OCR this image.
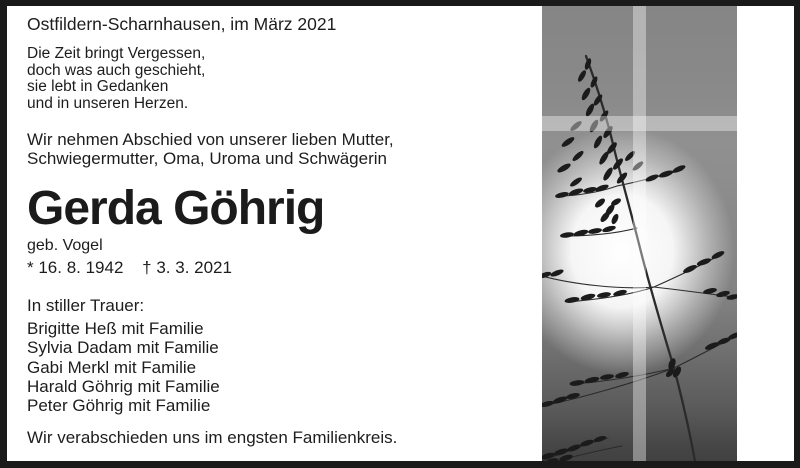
Ostfildern-Scharnhausen, im März 2021
Die Zeit bringt Vergessen,
doch was auch geschieht,
sie lebt in Gedanken
und in unseren Herzen.
Wir nehmen Abschied von unserer lieben Mutter,
Schwiegermutter, Oma, Uroma und Schwägerin
Gerda Göhrig
geb. Vogel
* 16. 8. 1942 † 3. 3. 2021
In stiller Trauer:
Brigitte Heß mit Familie
Sylvia Dadam mit Familie
Gabi Merkl mit Familie
Harald Göhrig mit Familie
Peter Göhrig mit Familie
Wir verabschieden uns im engsten Familienkreis.
